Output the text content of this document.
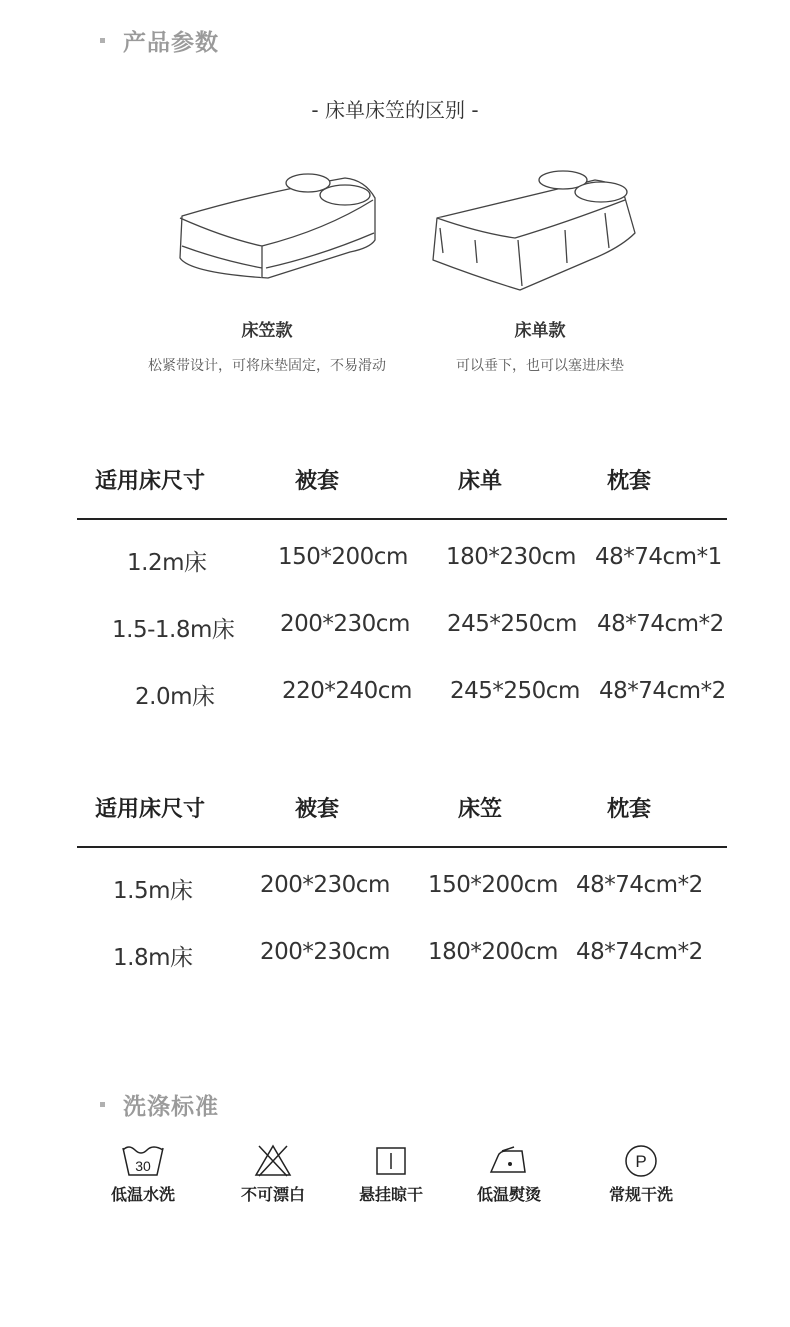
产品参数
- 床单床笠的区别 -
床笠款
松紧带设计，可将床垫固定，不易滑动
床单款
可以垂下，也可以塞进床垫
适用床尺寸	被套	床单	枕套
1.2m床	150*200cm 180*230cm 48*74cm*1
1.5-1.8m床 200*230cm 245*250cm 48*74cm*2
2.0m床	220*240cm 245*250cm 48*74cm*2
适用床尺寸	被套	床笠	枕套
1.5m床	200*230cm 150*200cm 48*74cm*2
1.8m床	200*230cm 180*200cm 48*74cm*2
洗涤标准
30
低温水洗	不可漂白	悬挂晾干	低温熨烫
P
常规干洗
